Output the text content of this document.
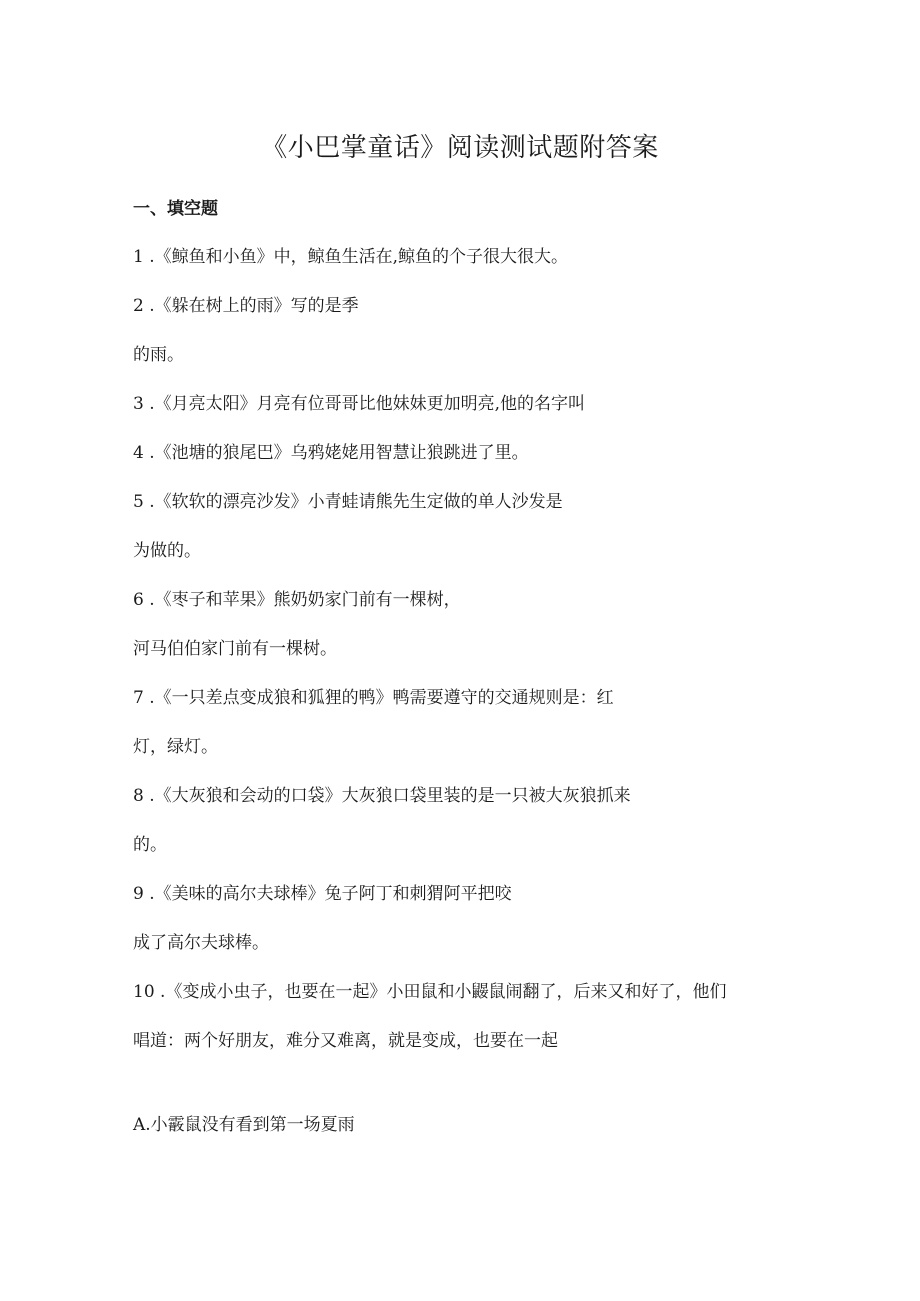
《小巴掌童话》阅读测试题附答案
一、填空题
1 .《鲸鱼和小鱼》中，鲸鱼生活在,鲸鱼的个子很大很大。
2 .《躲在树上的雨》写的是季
的雨。
3 .《月亮太阳》月亮有位哥哥比他妹妹更加明亮,他的名字叫
4 .《池塘的狼尾巴》乌鸦姥姥用智慧让狼跳进了里。
5 .《软软的漂亮沙发》小青蛙请熊先生定做的单人沙发是
为做的。
6 .《枣子和苹果》熊奶奶家门前有一棵树，
河马伯伯家门前有一棵树。
7 .《一只差点变成狼和狐狸的鸭》鸭需要遵守的交通规则是：红
灯，绿灯。
8 .《大灰狼和会动的口袋》大灰狼口袋里装的是一只被大灰狼抓来
的。
9 .《美味的高尔夫球棒》兔子阿丁和刺猬阿平把咬
成了高尔夫球棒。
10 .《变成小虫子，也要在一起》小田鼠和小鼹鼠闹翻了，后来又和好了，他们
唱道：两个好朋友，难分又难离，就是变成，也要在一起
A.小霰鼠没有看到第一场夏雨
